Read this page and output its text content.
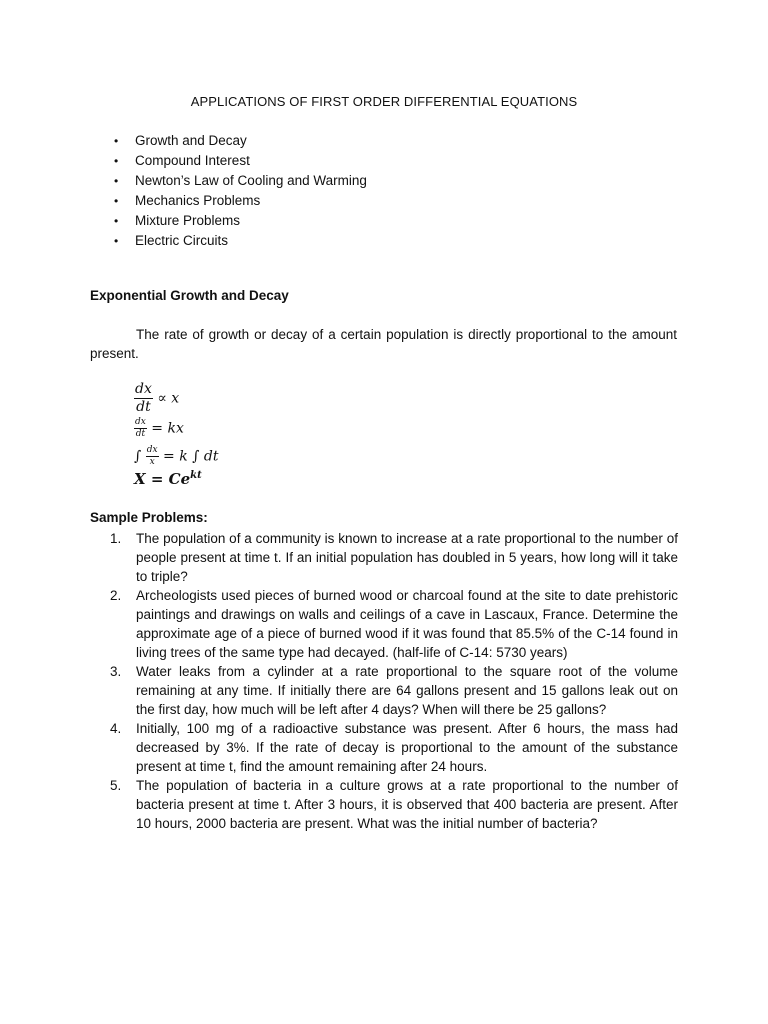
APPLICATIONS OF FIRST ORDER DIFFERENTIAL EQUATIONS
• Growth and Decay
• Compound Interest
• Newton’s Law of Cooling and Warming
• Mechanics Problems
• Mixture Problems
• Electric Circuits
Exponential Growth and Decay

The rate of growth or decay of a certain population is directly proportional to the amount present.

$\frac{dx}{dt} \propto x$
$\frac{dx}{dt}$ = kx
∫ $\frac{dx}{x} = k$ ∫ dt
$X = Ce^{kt}$
Sample Problems:
1. The population of a community is known to increase at a rate proportional to the number of people present at time t. If an initial population has doubled in 5 years, how long will it take to triple?
2. Archeologists used pieces of burned wood or charcoal found at the site to date prehistoric paintings and drawings on walls and ceilings of a cave in Lascaux, France. Determine the approximate age of a piece of burned wood if it was found that 85.5% of the C-14 found in living trees of the same type had decayed. (half-life of C-14: 5730 years)
3. Water leaks from a cylinder at a rate proportional to the square root of the volume remaining at any time. If initially there are 64 gallons present and 15 gallons leak out on the first day, how much will be left after 4 days? When will there be 25 gallons?
4. Initially, 100 mg of a radioactive substance was present. After 6 hours, the mass had decreased by 3%. If the rate of decay is proportional to the amount of the substance present at time t, find the amount remaining after 24 hours.
5. The population of bacteria in a culture grows at a rate proportional to the number of bacteria present at time t. After 3 hours, it is observed that 400 bacteria are present. After 10 hours, 2000 bacteria are present. What was the initial number of bacteria?
